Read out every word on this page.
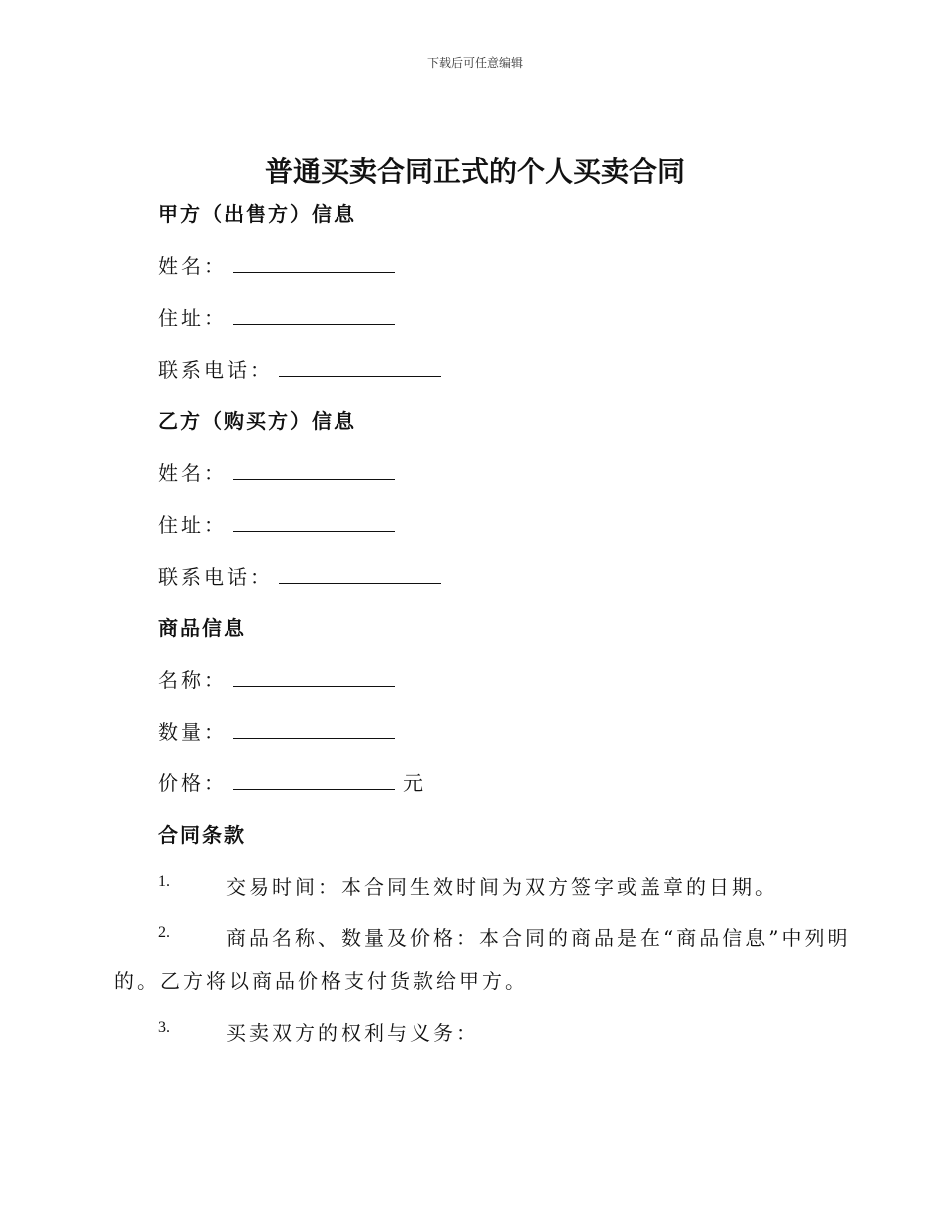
下载后可任意编辑
普通买卖合同正式的个人买卖合同
甲方（出售方）信息
姓名：
住址：
联系电话：
乙方（购买方）信息
姓名：
住址：
联系电话：
商品信息
名称：
数量：
价格：	元
合同条款
1.	交易时间：本合同生效时间为双方签字或盖章的日期。
2.	商品名称、数量及价格：本合同的商品是在“商品信息”中列明
的。乙方将以商品价格支付货款给甲方。
3.	买卖双方的权利与义务：
